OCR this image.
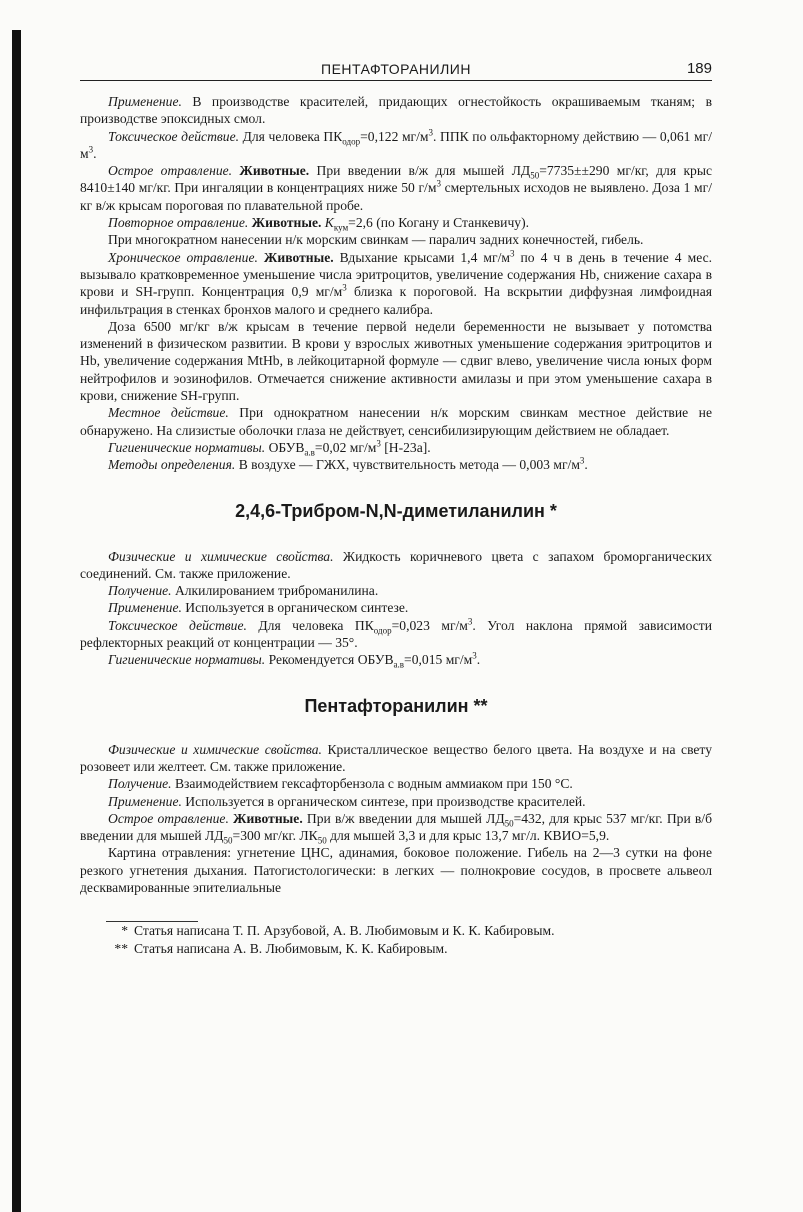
ПЕНТАФТОРАНИЛИН	189

Применение. В производстве красителей, придающих огнестойкость окрашиваемым тканям; в производстве эпоксидных смол.

Токсическое действие. Для человека $ПК_{одор}=0,122$ $мг/м^3$. ППК по ольфакторному действию — 0,061 $мг/м^3$.

Острое отравление. Животные. При введении в/ж для мышей $ЛД_{50}=7735\pm\pm 290$ мг/кг, для крыс 8410±140 мг/кг. При ингаляции в концентрациях ниже 50 $г/м^3$ смертельных исходов не выявлено. Доза 1 мг/кг в/ж крысам пороговая по плавательной пробе.

Повторное отравление. Животные. $K_{кум}=2,6$ (по Когану и Станкевичу).

При многократном нанесении н/к морским свинкам — паралич задних конечностей, гибель.

Хроническое отравление. Животные. Вдыхание крысами 1,4 $мг/м^3$ по 4 ч в день в течение 4 мес. вызывало кратковременное уменьшение числа эритроцитов, увеличение содержания Hb, снижение сахара в крови и SH-групп. Концентрация 0,9 $мг/м^3$ близка к пороговой. На вскрытии диффузная лимфоидная инфильтрация в стенках бронхов малого и среднего калибра.

Доза 6500 мг/кг в/ж крысам в течение первой недели беременности не вызывает у потомства изменений в физическом развитии. В крови у взрослых животных уменьшение содержания эритроцитов и Hb, увеличение содержания MtHb, в лейкоцитарной формуле — сдвиг влево, увеличение числа юных форм нейтрофилов и эозинофилов. Отмечается снижение активности амилазы и при этом уменьшение сахара в крови, снижение SH-групп.

Местное действие. При однократном нанесении н/к морским свинкам местное действие не обнаружено. На слизистые оболочки глаза не действует, сенсибилизирующим действием не обладает.

Гигиенические нормативы. $ОБУВ_{а.в}=0,02$ $мг/м^3$ [Н-23а].

Методы определения. В воздухе — ГЖХ, чувствительность метода — 0,003 $мг/м^3$.

2,4,6-Трибром-N,N-диметиланилин *

Физические и химические свойства. Жидкость коричневого цвета с запахом броморганических соединений. См. также приложение.

Получение. Алкилированием триброманилина.

Применение. Используется в органическом синтезе.

Токсическое действие. Для человека $ПК_{одор}=0,023$ $мг/м^3$. Угол наклона прямой зависимости рефлекторных реакций от концентрации — 35°.

Гигиенические нормативы. Рекомендуется $ОБУВ_{а.в}=0,015$ $мг/м^3$.

Пентафторанилин **

Физические и химические свойства. Кристаллическое вещество белого цвета. На воздухе и на свету розовеет или желтеет. См. также приложение.

Получение. Взаимодействием гексафторбензола с водным аммиаком при 150 °С.

Применение. Используется в органическом синтезе, при производстве красителей.

Острое отравление. Животные. При в/ж введении для мышей $ЛД_{50}=432$, для крыс 537 мг/кг. При в/б введении для мышей $ЛД_{50}=300$ мг/кг. $ЛК_{50}$ для мышей 3,3 и для крыс 13,7 мг/л. КВИО=5,9.

Картина отравления: угнетение ЦНС, адинамия, боковое положение. Гибель на 2—3 сутки на фоне резкого угнетения дыхания. Патогистологически: в легких — полнокровие сосудов, в просвете альвеол десквамированные эпителиальные

* Статья написана Т. П. Арзубовой, А. В. Любимовым и К. К. Кабировым.

** Статья написана А. В. Любимовым, К. К. Кабировым.
